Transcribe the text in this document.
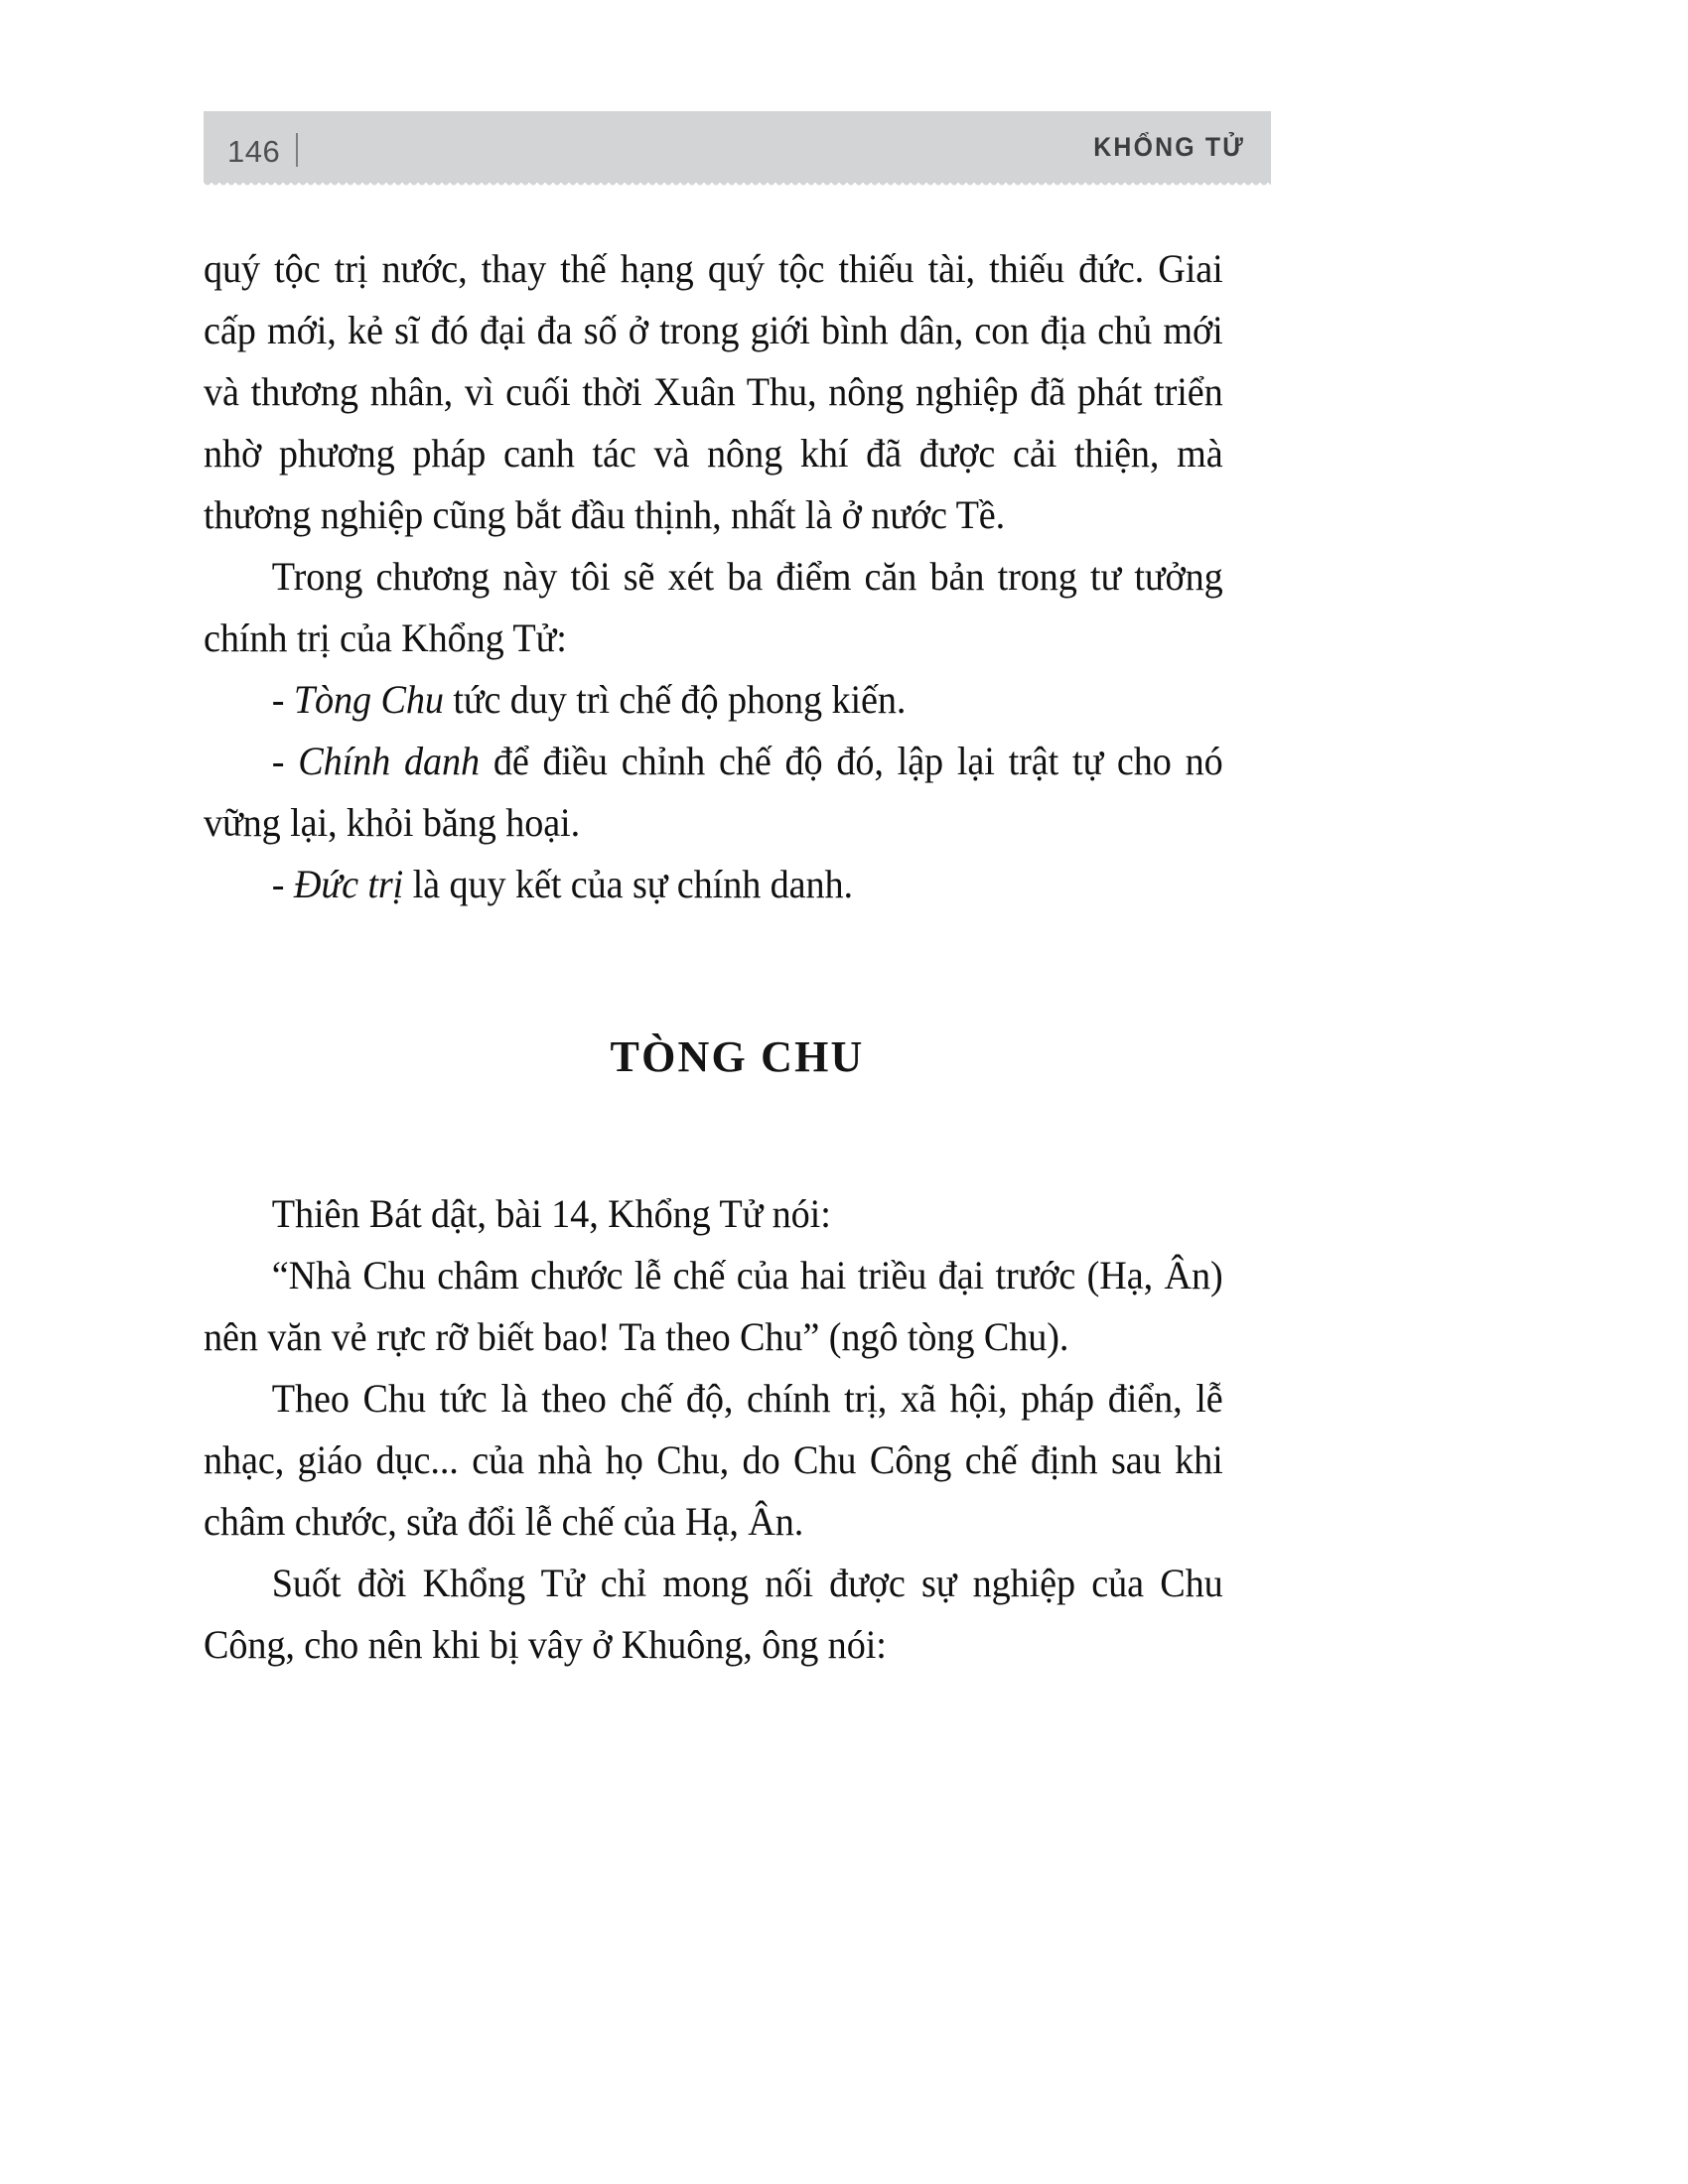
146	KHỔNG TỬ

quý tộc trị nước, thay thế hạng quý tộc thiếu tài, thiếu đức. Giai cấp mới, kẻ sĩ đó đại đa số ở trong giới bình dân, con địa chủ mới và thương nhân, vì cuối thời Xuân Thu, nông nghiệp đã phát triển nhờ phương pháp canh tác và nông khí đã được cải thiện, mà thương nghiệp cũng bắt đầu thịnh, nhất là ở nước Tề.

Trong chương này tôi sẽ xét ba điểm căn bản trong tư tưởng chính trị của Khổng Tử:

- Tòng Chu tức duy trì chế độ phong kiến.

- Chính danh để điều chỉnh chế độ đó, lập lại trật tự cho nó vững lại, khỏi băng hoại.

- Đức trị là quy kết của sự chính danh.

TÒNG CHU

Thiên Bát dật, bài 14, Khổng Tử nói:

“Nhà Chu châm chước lễ chế của hai triều đại trước (Hạ, Ân) nên văn vẻ rực rỡ biết bao! Ta theo Chu” (ngô tòng Chu).

Theo Chu tức là theo chế độ, chính trị, xã hội, pháp điển, lễ nhạc, giáo dục... của nhà họ Chu, do Chu Công chế định sau khi châm chước, sửa đổi lễ chế của Hạ, Ân.

Suốt đời Khổng Tử chỉ mong nối được sự nghiệp của Chu Công, cho nên khi bị vây ở Khuông, ông nói:
